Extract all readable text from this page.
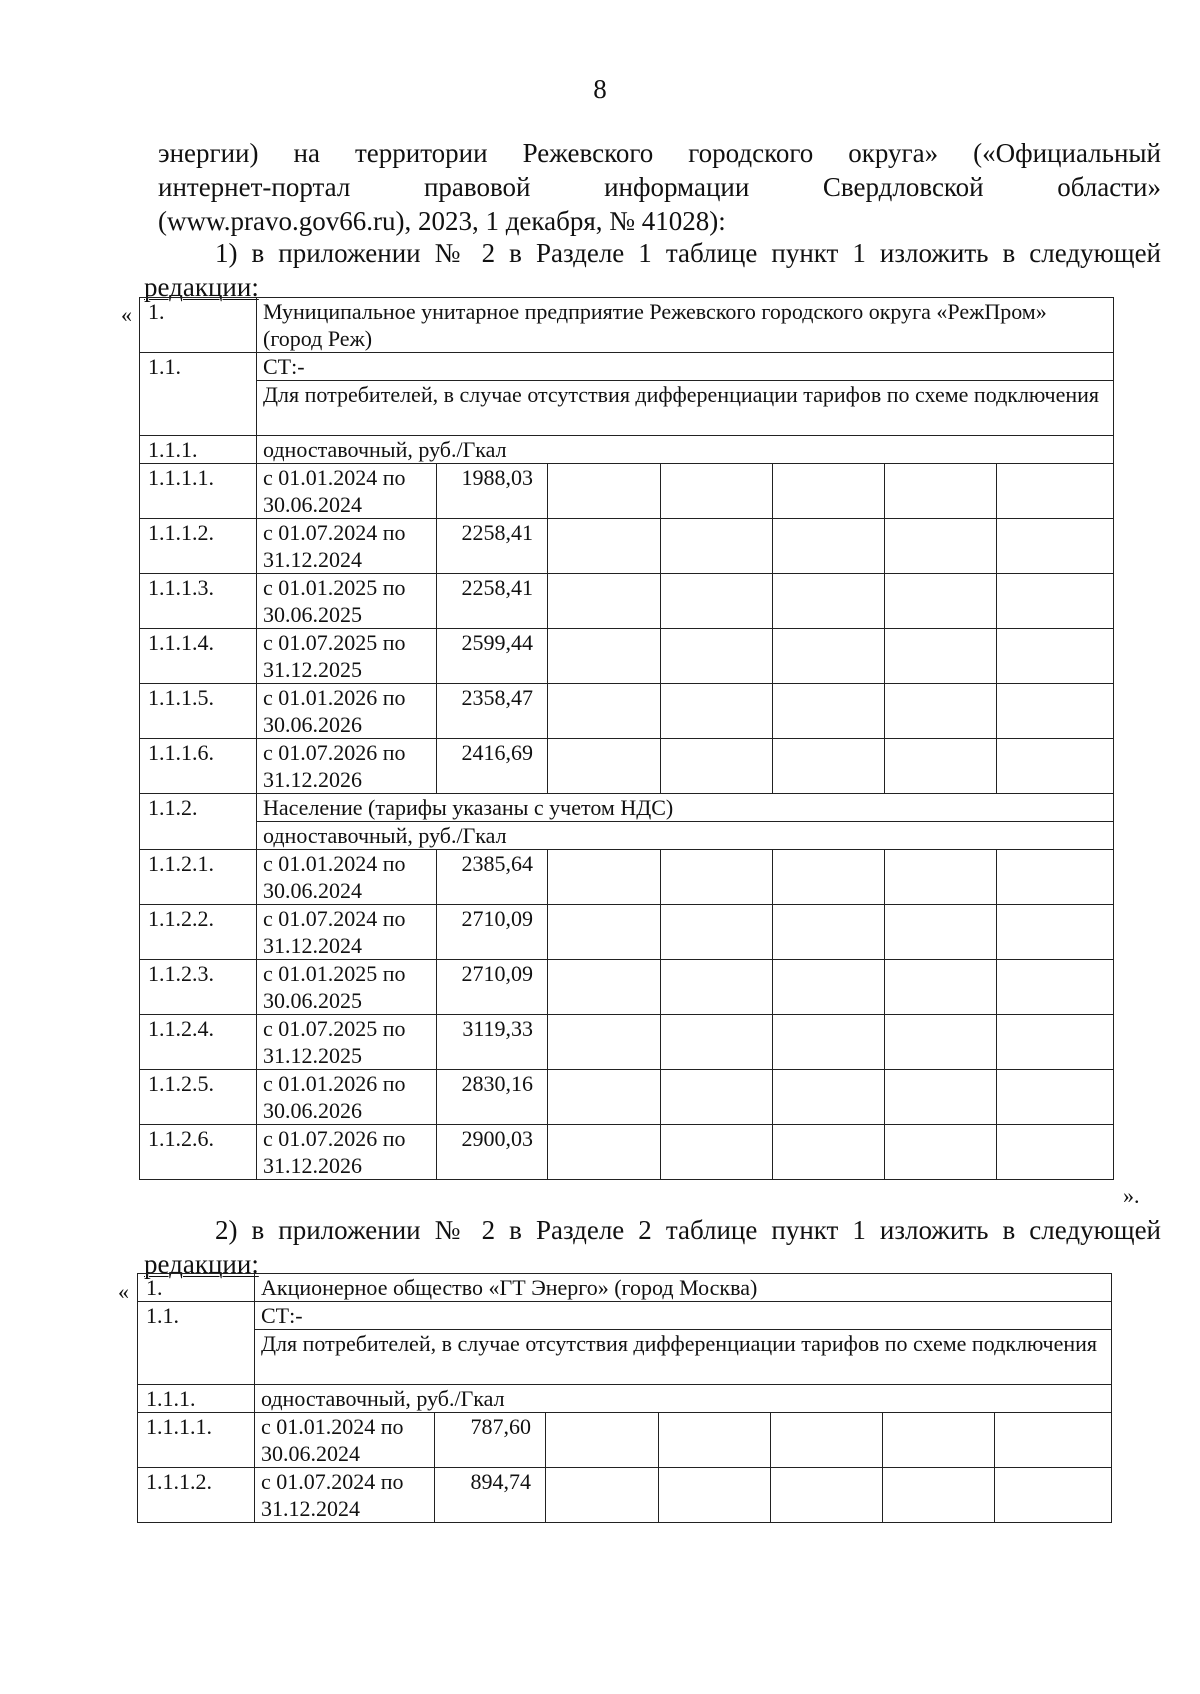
8
энергии) на территории Режевского городского округа» («Официальный
интернет-портал правовой информации Свердловской области»
(www.pravo.gov66.ru), 2023, 1 декабря, № 41028):
1) в приложении № 2 в Разделе 1 таблице пункт 1 изложить в следующей
редакции:
« 1.	Муниципальное унитарное предприятие Режевского городского округа «РежПром» (город Реж)						
1.1.	СТ:-						
	Для потребителей, в случае отсутствия дифференциации тарифов по схеме подключения						
1.1.1.	одноставочный, руб./Гкал						
1.1.1.1.	с 01.01.2024 по 30.06.2024	1988,03					
1.1.1.2.	с 01.07.2024 по 31.12.2024	2258,41					
1.1.1.3.	с 01.01.2025 по 30.06.2025	2258,41					
1.1.1.4.	с 01.07.2025 по 31.12.2025	2599,44					
1.1.1.5.	с 01.01.2026 по 30.06.2026	2358,47					
1.1.1.6.	с 01.07.2026 по 31.12.2026	2416,69					
1.1.2.	Население (тарифы указаны с учетом НДС)						
	одноставочный, руб./Гкал						
1.1.2.1.	с 01.01.2024 по 30.06.2024	2385,64					
1.1.2.2.	с 01.07.2024 по 31.12.2024	2710,09					
1.1.2.3.	с 01.01.2025 по 30.06.2025	2710,09					
1.1.2.4.	с 01.07.2025 по 31.12.2025	3119,33					
1.1.2.5.	с 01.01.2026 по 30.06.2026	2830,16					
1.1.2.6.	с 01.07.2026 по 31.12.2026	2900,03					
».
2) в приложении № 2 в Разделе 2 таблице пункт 1 изложить в следующей
редакции:
« 1.	Акционерное общество «ГТ Энерго» (город Москва)						
1.1.	СТ:-						
	Для потребителей, в случае отсутствия дифференциации тарифов по схеме подключения						
1.1.1.	одноставочный, руб./Гкал						
1.1.1.1.	с 01.01.2024 по 30.06.2024	787,60					
1.1.1.2.	с 01.07.2024 по 31.12.2024	894,74					
